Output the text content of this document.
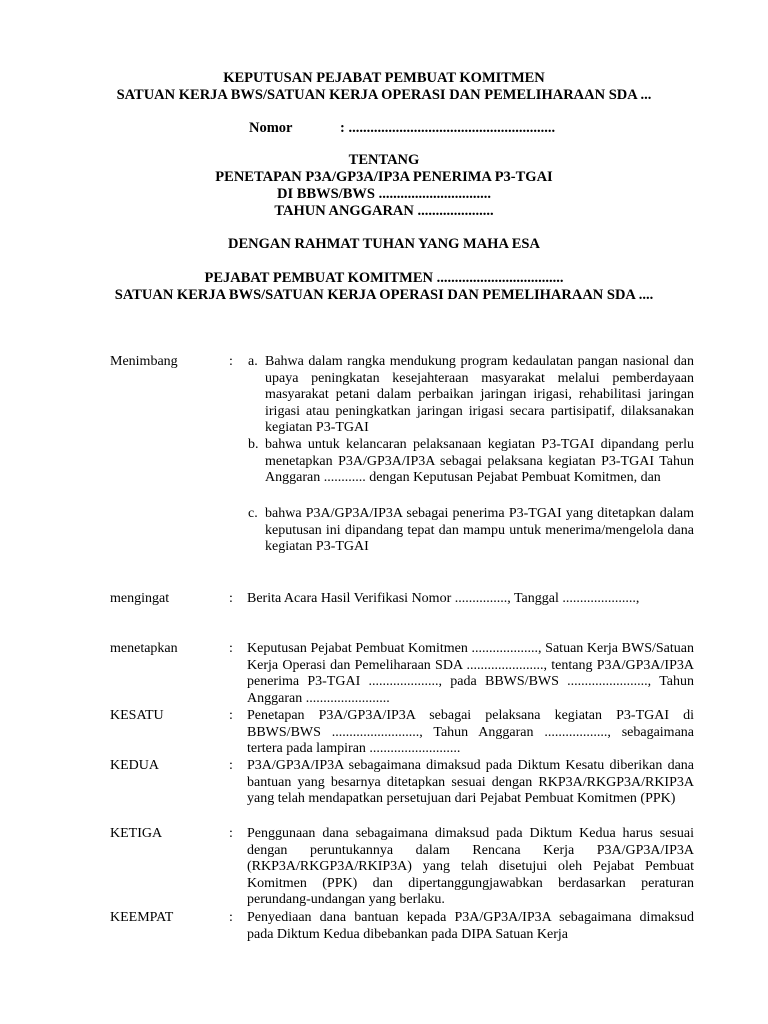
KEPUTUSAN PEJABAT PEMBUAT KOMITMEN
SATUAN KERJA BWS/SATUAN KERJA OPERASI DAN PEMELIHARAAN SDA ...
Nomor	: .........................................................
TENTANG
PENETAPAN P3A/GP3A/IP3A PENERIMA P3-TGAI
DI BBWS/BWS ...............................
TAHUN ANGGARAN .....................
DENGAN RAHMAT TUHAN YANG MAHA ESA
PEJABAT PEMBUAT KOMITMEN ...................................
SATUAN KERJA BWS/SATUAN KERJA OPERASI DAN PEMELIHARAAN SDA ....
Menimbang	: a. Bahwa dalam rangka mendukung program kedaulatan pangan nasional dan upaya peningkatan kesejahteraan masyarakat melalui pemberdayaan masyarakat petani dalam perbaikan jaringan irigasi, rehabilitasi jaringan irigasi atau peningkatkan jaringan irigasi secara partisipatif, dilaksanakan kegiatan P3-TGAI
b. bahwa untuk kelancaran pelaksanaan kegiatan P3-TGAI dipandang perlu menetapkan P3A/GP3A/IP3A sebagai pelaksana kegiatan P3-TGAI Tahun Anggaran ............ dengan Keputusan Pejabat Pembuat Komitmen, dan
c. bahwa P3A/GP3A/IP3A sebagai penerima P3-TGAI yang ditetapkan dalam keputusan ini dipandang tepat dan mampu untuk menerima/mengelola dana kegiatan P3-TGAI
mengingat	: Berita Acara Hasil Verifikasi Nomor ..............., Tanggal .....................,
menetapkan	: Keputusan Pejabat Pembuat Komitmen ..................., Satuan Kerja BWS/Satuan Kerja Operasi dan Pemeliharaan SDA ......................, tentang P3A/GP3A/IP3A penerima P3-TGAI ...................., pada BBWS/BWS ......................., Tahun Anggaran ........................
KESATU	: Penetapan P3A/GP3A/IP3A sebagai pelaksana kegiatan P3-TGAI di BBWS/BWS ........................., Tahun Anggaran .................., sebagaimana tertera pada lampiran ..........................
KEDUA	: P3A/GP3A/IP3A sebagaimana dimaksud pada Diktum Kesatu diberikan dana bantuan yang besarnya ditetapkan sesuai dengan RKP3A/RKGP3A/RKIP3A yang telah mendapatkan persetujuan dari Pejabat Pembuat Komitmen (PPK)
KETIGA	: Penggunaan dana sebagaimana dimaksud pada Diktum Kedua harus sesuai dengan peruntukannya dalam Rencana Kerja P3A/GP3A/IP3A (RKP3A/RKGP3A/RKIP3A) yang telah disetujui oleh Pejabat Pembuat Komitmen (PPK) dan dipertanggungjawabkan berdasarkan peraturan perundang-undangan yang berlaku.
KEEMPAT	: Penyediaan dana bantuan kepada P3A/GP3A/IP3A sebagaimana dimaksud pada Diktum Kedua dibebankan pada DIPA Satuan Kerja
